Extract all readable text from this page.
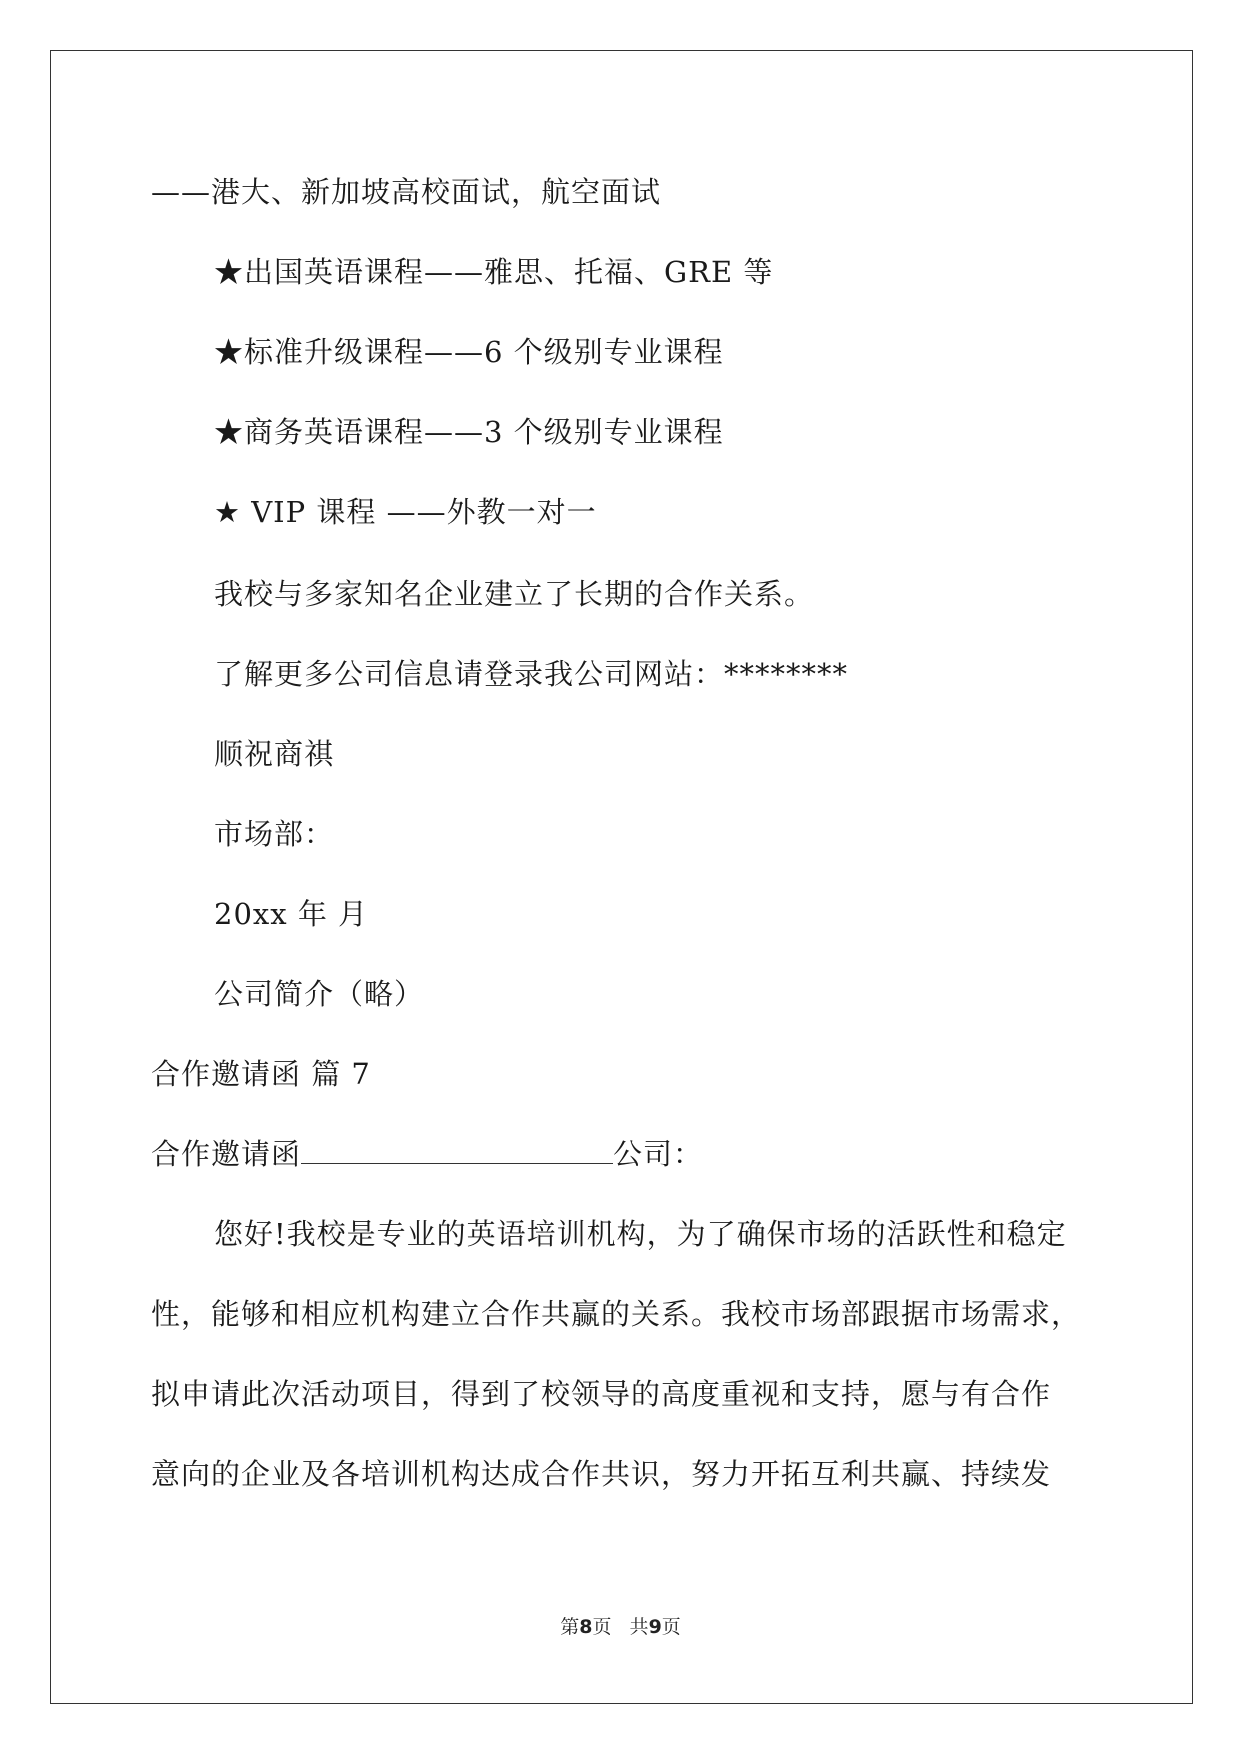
——港大、新加坡高校面试，航空面试
★出国英语课程——雅思、托福、GRE 等
★标准升级课程——6 个级别专业课程
★商务英语课程——3 个级别专业课程
★ VIP 课程 ——外教一对一
我校与多家知名企业建立了长期的合作关系。
了解更多公司信息请登录我公司网站：********
顺祝商祺
市场部：
20xx 年 月
公司简介（略）
合作邀请函 篇 7
合作邀请函	公司：
您好!我校是专业的英语培训机构，为了确保市场的活跃性和稳定
性，能够和相应机构建立合作共赢的关系。我校市场部跟据市场需求，
拟申请此次活动项目，得到了校领导的高度重视和支持，愿与有合作
意向的企业及各培训机构达成合作共识，努力开拓互利共赢、持续发
第8页   共9页
